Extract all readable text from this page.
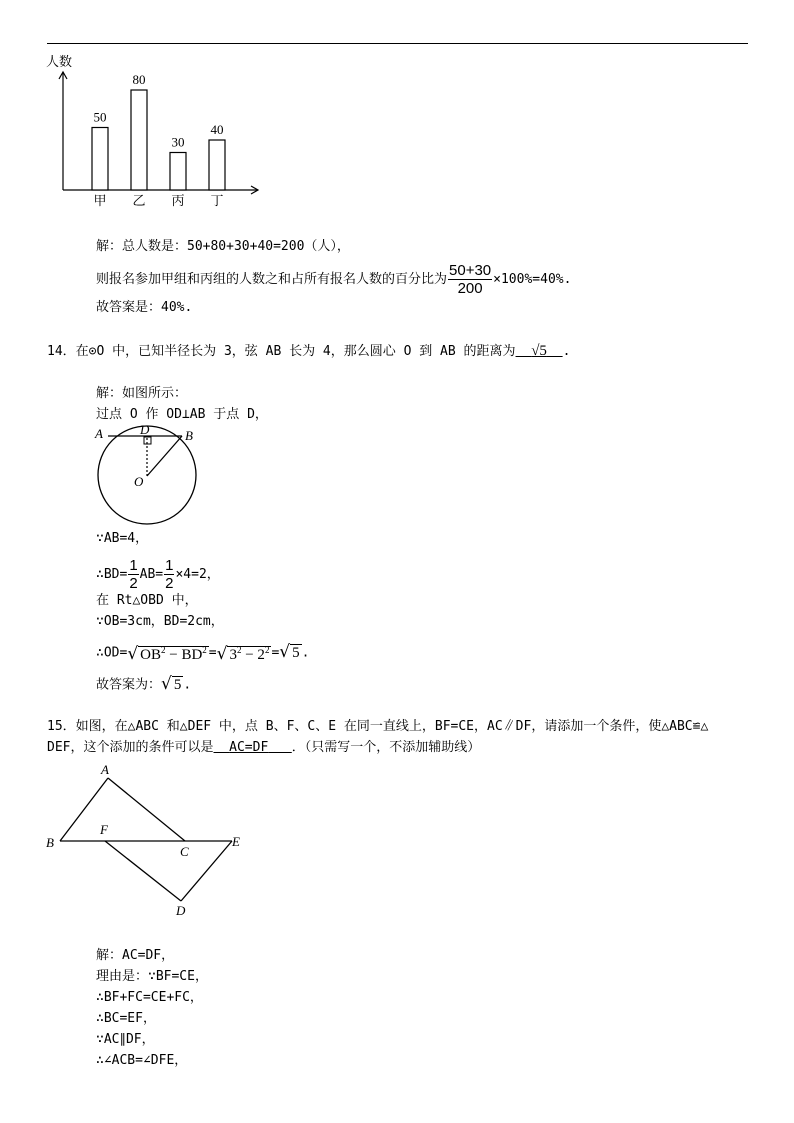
人数
50
甲
80
乙
30
丙
40
丁
解：总人数是：50+80+30+40=200（人），
则报名参加甲组和丙组的人数之和占所有报名人数的百分比为 $\frac{50+30}{200} \times 100\%=40\%$.
故答案是：40%.
14．在⊙O 中，已知半径长为 3，弦 AB 长为 4，那么圆心 O 到 AB 的距离为 √5 .
解：如图所示：
过点 O 作 OD⊥AB 于点 D，
A	D	B
O
∵AB=4，
∴BD= $\frac{1}{2} AB= \frac{1}{2} \times 4=2$，
在 Rt△OBD 中，
∵OB=3cm，BD=2cm，
∴OD=√ $OB^2 - BD^2$ =√ $3^2 - 2^2$ =√ 5 .
故答案为：√ 5 .
15．如图，在△ABC 和△DEF 中，点 B、F、C、E 在同一直线上，BF=CE，AC∥DF，请添加一个条件，使△ABC≌△
DEF，这个添加的条件可以是 AC=DF ．（只需写一个，不添加辅助线）
A
B
F
C
E
D
解：AC=DF，
理由是：∵BF=CE，
∴BF+FC=CE+FC，
∴BC=EF，
∵AC∥DF，
∴∠ACB=∠DFE，
